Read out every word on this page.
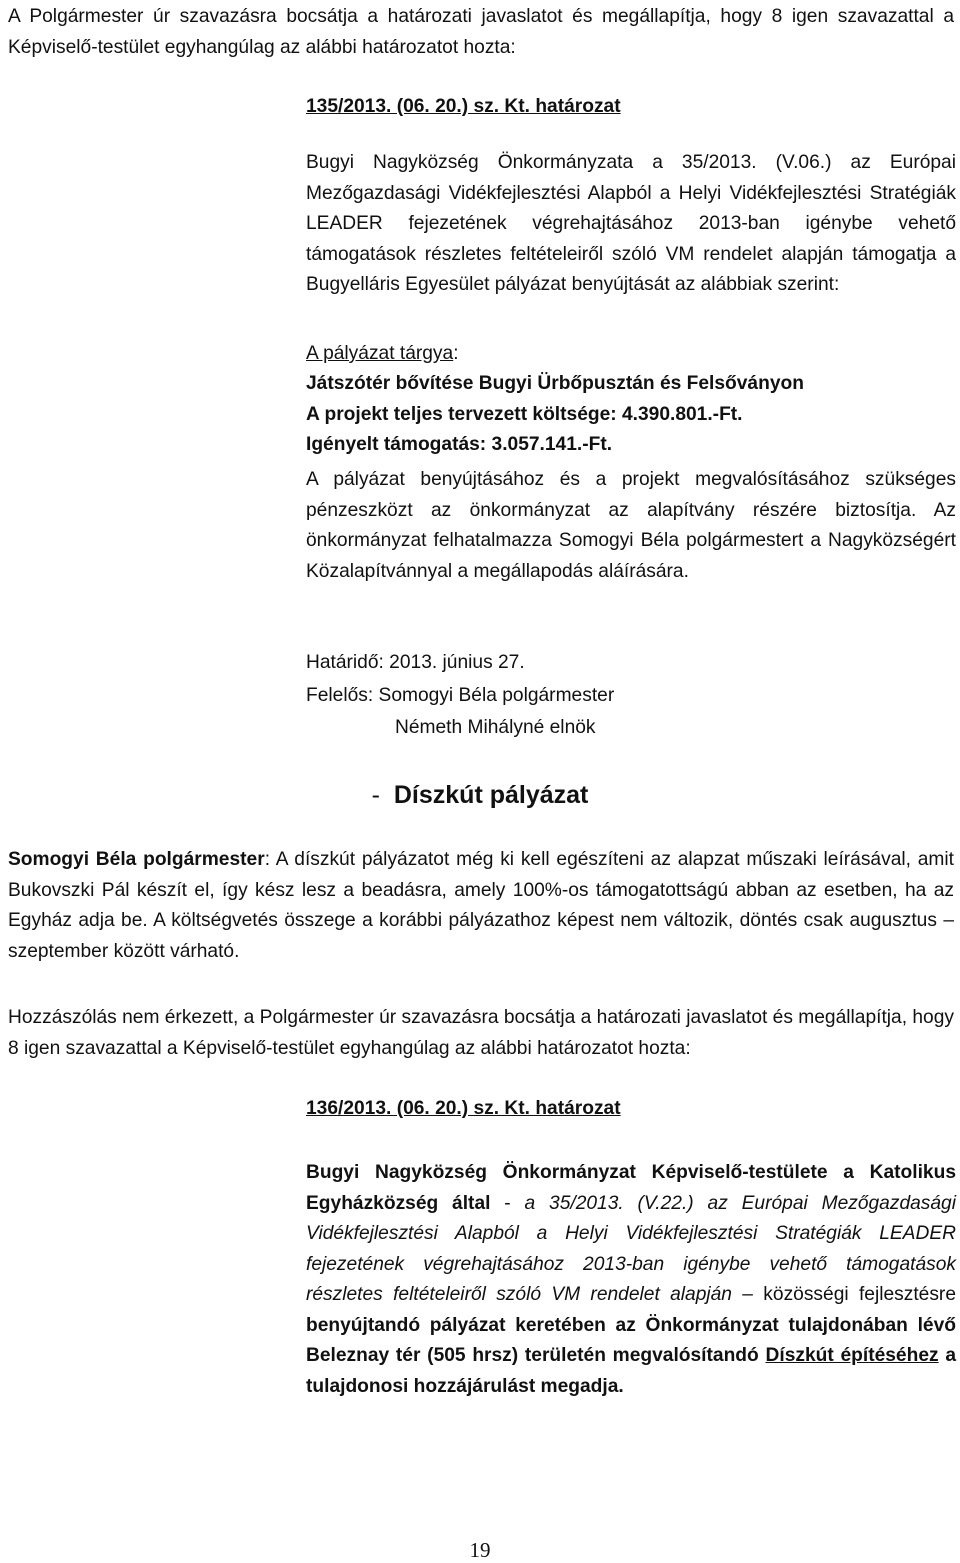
A Polgármester úr szavazásra bocsátja a határozati javaslatot és megállapítja, hogy 8 igen szavazattal a Képviselő-testület egyhangúlag az alábbi határozatot hozta:

135/2013. (06. 20.) sz. Kt. határozat

Bugyi Nagyközség Önkormányzata a 35/2013. (V.06.) az Európai Mezőgazdasági Vidékfejlesztési Alapból a Helyi Vidékfejlesztési Stratégiák LEADER fejezetének végrehajtásához 2013-ban igénybe vehető támogatások részletes feltételeiről szóló VM rendelet alapján támogatja a Bugyelláris Egyesület pályázat benyújtását az alábbiak szerint:

A pályázat tárgya:
Játszótér bővítése Bugyi Ürbőpusztán és Felsőványon
A projekt teljes tervezett költsége: 4.390.801.-Ft.
Igényelt támogatás: 3.057.141.-Ft.

A pályázat benyújtásához és a projekt megvalósításához szükséges pénzeszközt az önkormányzat az alapítvány részére biztosítja. Az önkormányzat felhatalmazza Somogyi Béla polgármestert a Nagyközségért Közalapítvánnyal a megállapodás aláírására.

Határidő: 2013. június 27.
Felelős: Somogyi Béla polgármester
Németh Mihályné elnök
- Díszkút pályázat

Somogyi Béla polgármester: A díszkút pályázatot még ki kell egészíteni az alapzat műszaki leírásával, amit Bukovszki Pál készít el, így kész lesz a beadásra, amely 100%-os támogatottságú abban az esetben, ha az Egyház adja be. A költségvetés összege a korábbi pályázathoz képest nem változik, döntés csak augusztus – szeptember között várható.

Hozzászólás nem érkezett, a Polgármester úr szavazásra bocsátja a határozati javaslatot és megállapítja, hogy 8 igen szavazattal a Képviselő-testület egyhangúlag az alábbi határozatot hozta:

136/2013. (06. 20.) sz. Kt. határozat

Bugyi Nagyközség Önkormányzat Képviselő-testülete a Katolikus Egyházközség által - a 35/2013. (V.22.) az Európai Mezőgazdasági Vidékfejlesztési Alapból a Helyi Vidékfejlesztési Stratégiák LEADER fejezetének végrehajtásához 2013-ban igénybe vehető támogatások részletes feltételeiről szóló VM rendelet alapján – közösségi fejlesztésre benyújtandó pályázat keretében az Önkormányzat tulajdonában lévő Beleznay tér (505 hrsz) területén megvalósítandó Díszkút építéséhez a tulajdonosi hozzájárulást megadja.

19
